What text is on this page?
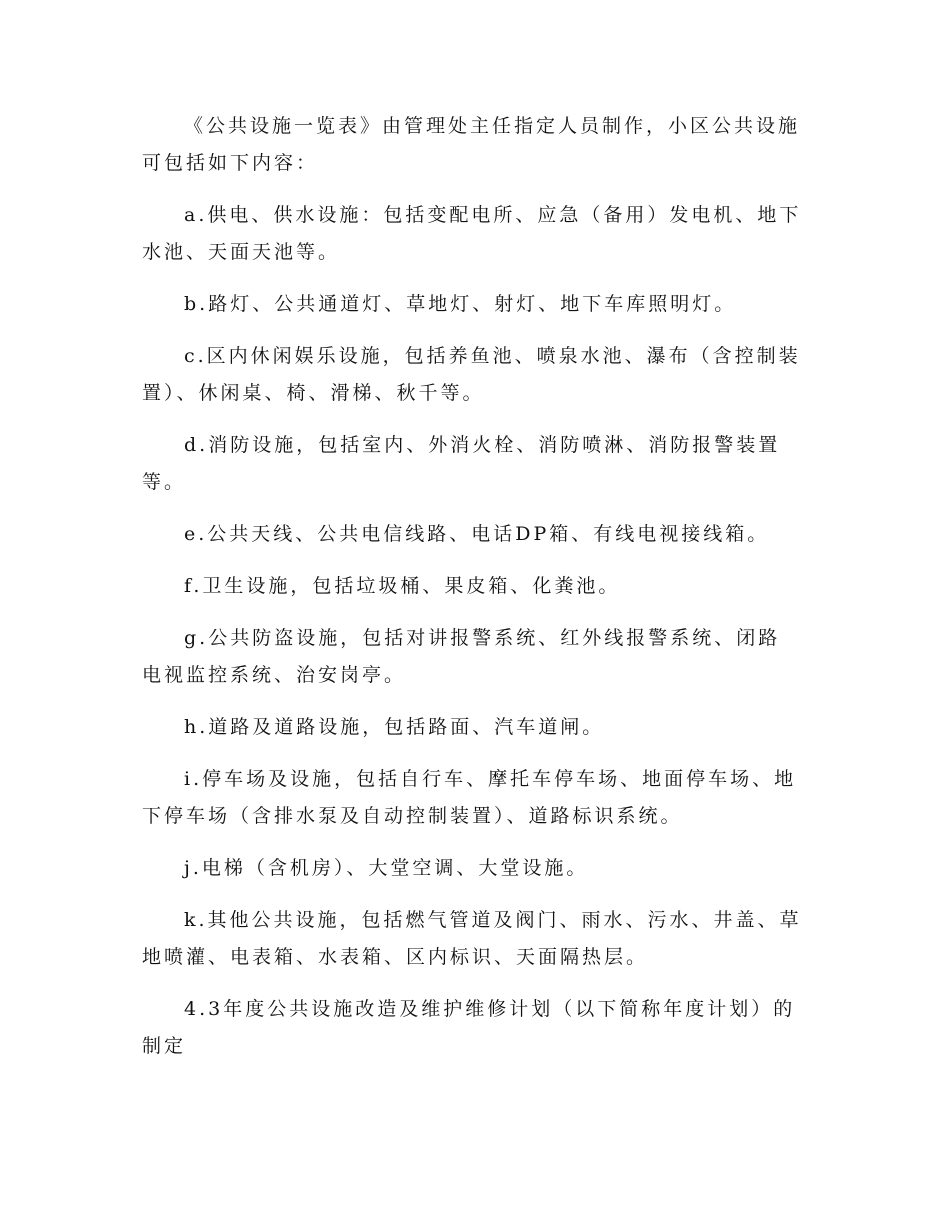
《公共设施一览表》由管理处主任指定人员制作，小区公共设施可包括如下内容：

a.供电、供水设施：包括变配电所、应急（备用）发电机、地下水池、天面天池等。

b.路灯、公共通道灯、草地灯、射灯、地下车库照明灯。

c.区内休闲娱乐设施，包括养鱼池、喷泉水池、瀑布（含控制装置）、休闲桌、椅、滑梯、秋千等。

d.消防设施，包括室内、外消火栓、消防喷淋、消防报警装置等。

e.公共天线、公共电信线路、电话DP箱、有线电视接线箱。

f.卫生设施，包括垃圾桶、果皮箱、化粪池。

g.公共防盗设施，包括对讲报警系统、红外线报警系统、闭路电视监控系统、治安岗亭。

h.道路及道路设施，包括路面、汽车道闸。

i.停车场及设施，包括自行车、摩托车停车场、地面停车场、地下停车场（含排水泵及自动控制装置）、道路标识系统。

j.电梯（含机房）、大堂空调、大堂设施。

k.其他公共设施，包括燃气管道及阀门、雨水、污水、井盖、草地喷灌、电表箱、水表箱、区内标识、天面隔热层。

4.3年度公共设施改造及维护维修计划（以下简称年度计划）的制定
